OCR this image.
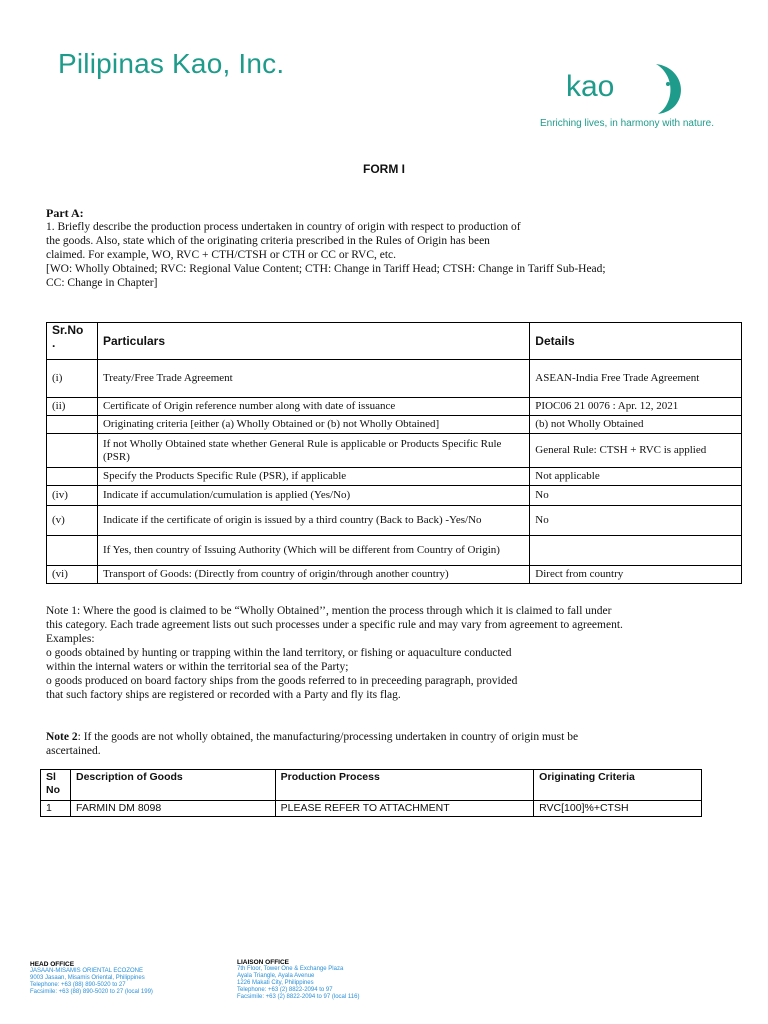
Pilipinas Kao, Inc.
kao
Enriching lives, in harmony with nature.
FORM I
Part A:
1. Briefly describe the production process undertaken in country of origin with respect to production of
the goods. Also, state which of the originating criteria prescribed in the Rules of Origin has been
claimed. For example, WO, RVC + CTH/CTSH or CTH or CC or RVC, etc.
[WO: Wholly Obtained; RVC: Regional Value Content; CTH: Change in Tariff Head; CTSH: Change in Tariff Sub-Head;
CC: Change in Chapter]
Sr.No
.	Particulars	Details
(i)	Treaty/Free Trade Agreement	ASEAN-India Free Trade Agreement
(ii)	Certificate of Origin reference number along with date of issuance	PIOC06 21 0076 : Apr. 12, 2021
	Originating criteria [either (a) Wholly Obtained or (b) not Wholly Obtained]	(b) not Wholly Obtained
	If not Wholly Obtained state whether General Rule is applicable or Products Specific Rule (PSR)	General Rule: CTSH + RVC is applied
	Specify the Products Specific Rule (PSR), if applicable	Not applicable
(iv)	Indicate if accumulation/cumulation is applied (Yes/No)	No
(v)	Indicate if the certificate of origin is issued by a third country (Back to Back) -Yes/No	No
	If Yes, then country of Issuing Authority (Which will be different from Country of Origin)	
(vi)	Transport of Goods: (Directly from country of origin/through another country)	Direct from country
Note 1: Where the good is claimed to be “Wholly Obtained’’, mention the process through which it is claimed to fall under
this category. Each trade agreement lists out such processes under a specific rule and may vary from agreement to agreement.
Examples:
o goods obtained by hunting or trapping within the land territory, or fishing or aquaculture conducted
within the internal waters or within the territorial sea of the Party;
o goods produced on board factory ships from the goods referred to in preceeding paragraph, provided
that such factory ships are registered or recorded with a Party and fly its flag.
Note 2: If the goods are not wholly obtained, the manufacturing/processing undertaken in country of origin must be
ascertained.
Sl
No	Description of Goods	Production Process	Originating Criteria
1	FARMIN DM 8098	PLEASE REFER TO ATTACHMENT	RVC[100]%+CTSH
HEAD OFFICE
JASAAN-MISAMIS ORIENTAL ECOZONE
9003 Jasaan, Misamis Oriental, Philippines
Telephone: +63 (88) 890-5020 to 27
Facsimile: +63 (88) 890-5020 to 27 (local 199)
LIAISON OFFICE
7th Floor, Tower One & Exchange Plaza
Ayala Triangle, Ayala Avenue
1226 Makati City, Philippines
Telephone: +63 (2) 8822-2094 to 97
Facsimile: +63 (2) 8822-2094 to 97 (local 116)
